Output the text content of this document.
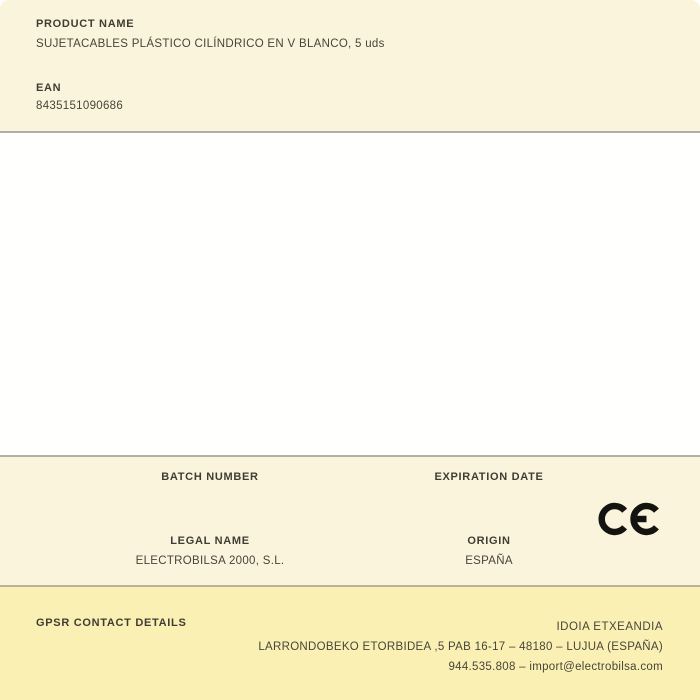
PRODUCT NAME
SUJETACABLES PLÁSTICO CILÍNDRICO EN V BLANCO, 5 uds
EAN
8435151090686
BATCH NUMBER	EXPIRATION DATE
LEGAL NAME	ORIGIN
ELECTROBILSA 2000, S.L.	ESPAÑA
GPSR CONTACT DETAILS	IDOIA ETXEANDIA
LARRONDOBEKO ETORBIDEA ,5 PAB 16-17 – 48180 – LUJUA (ESPAÑA)
944.535.808 – import@electrobilsa.com
